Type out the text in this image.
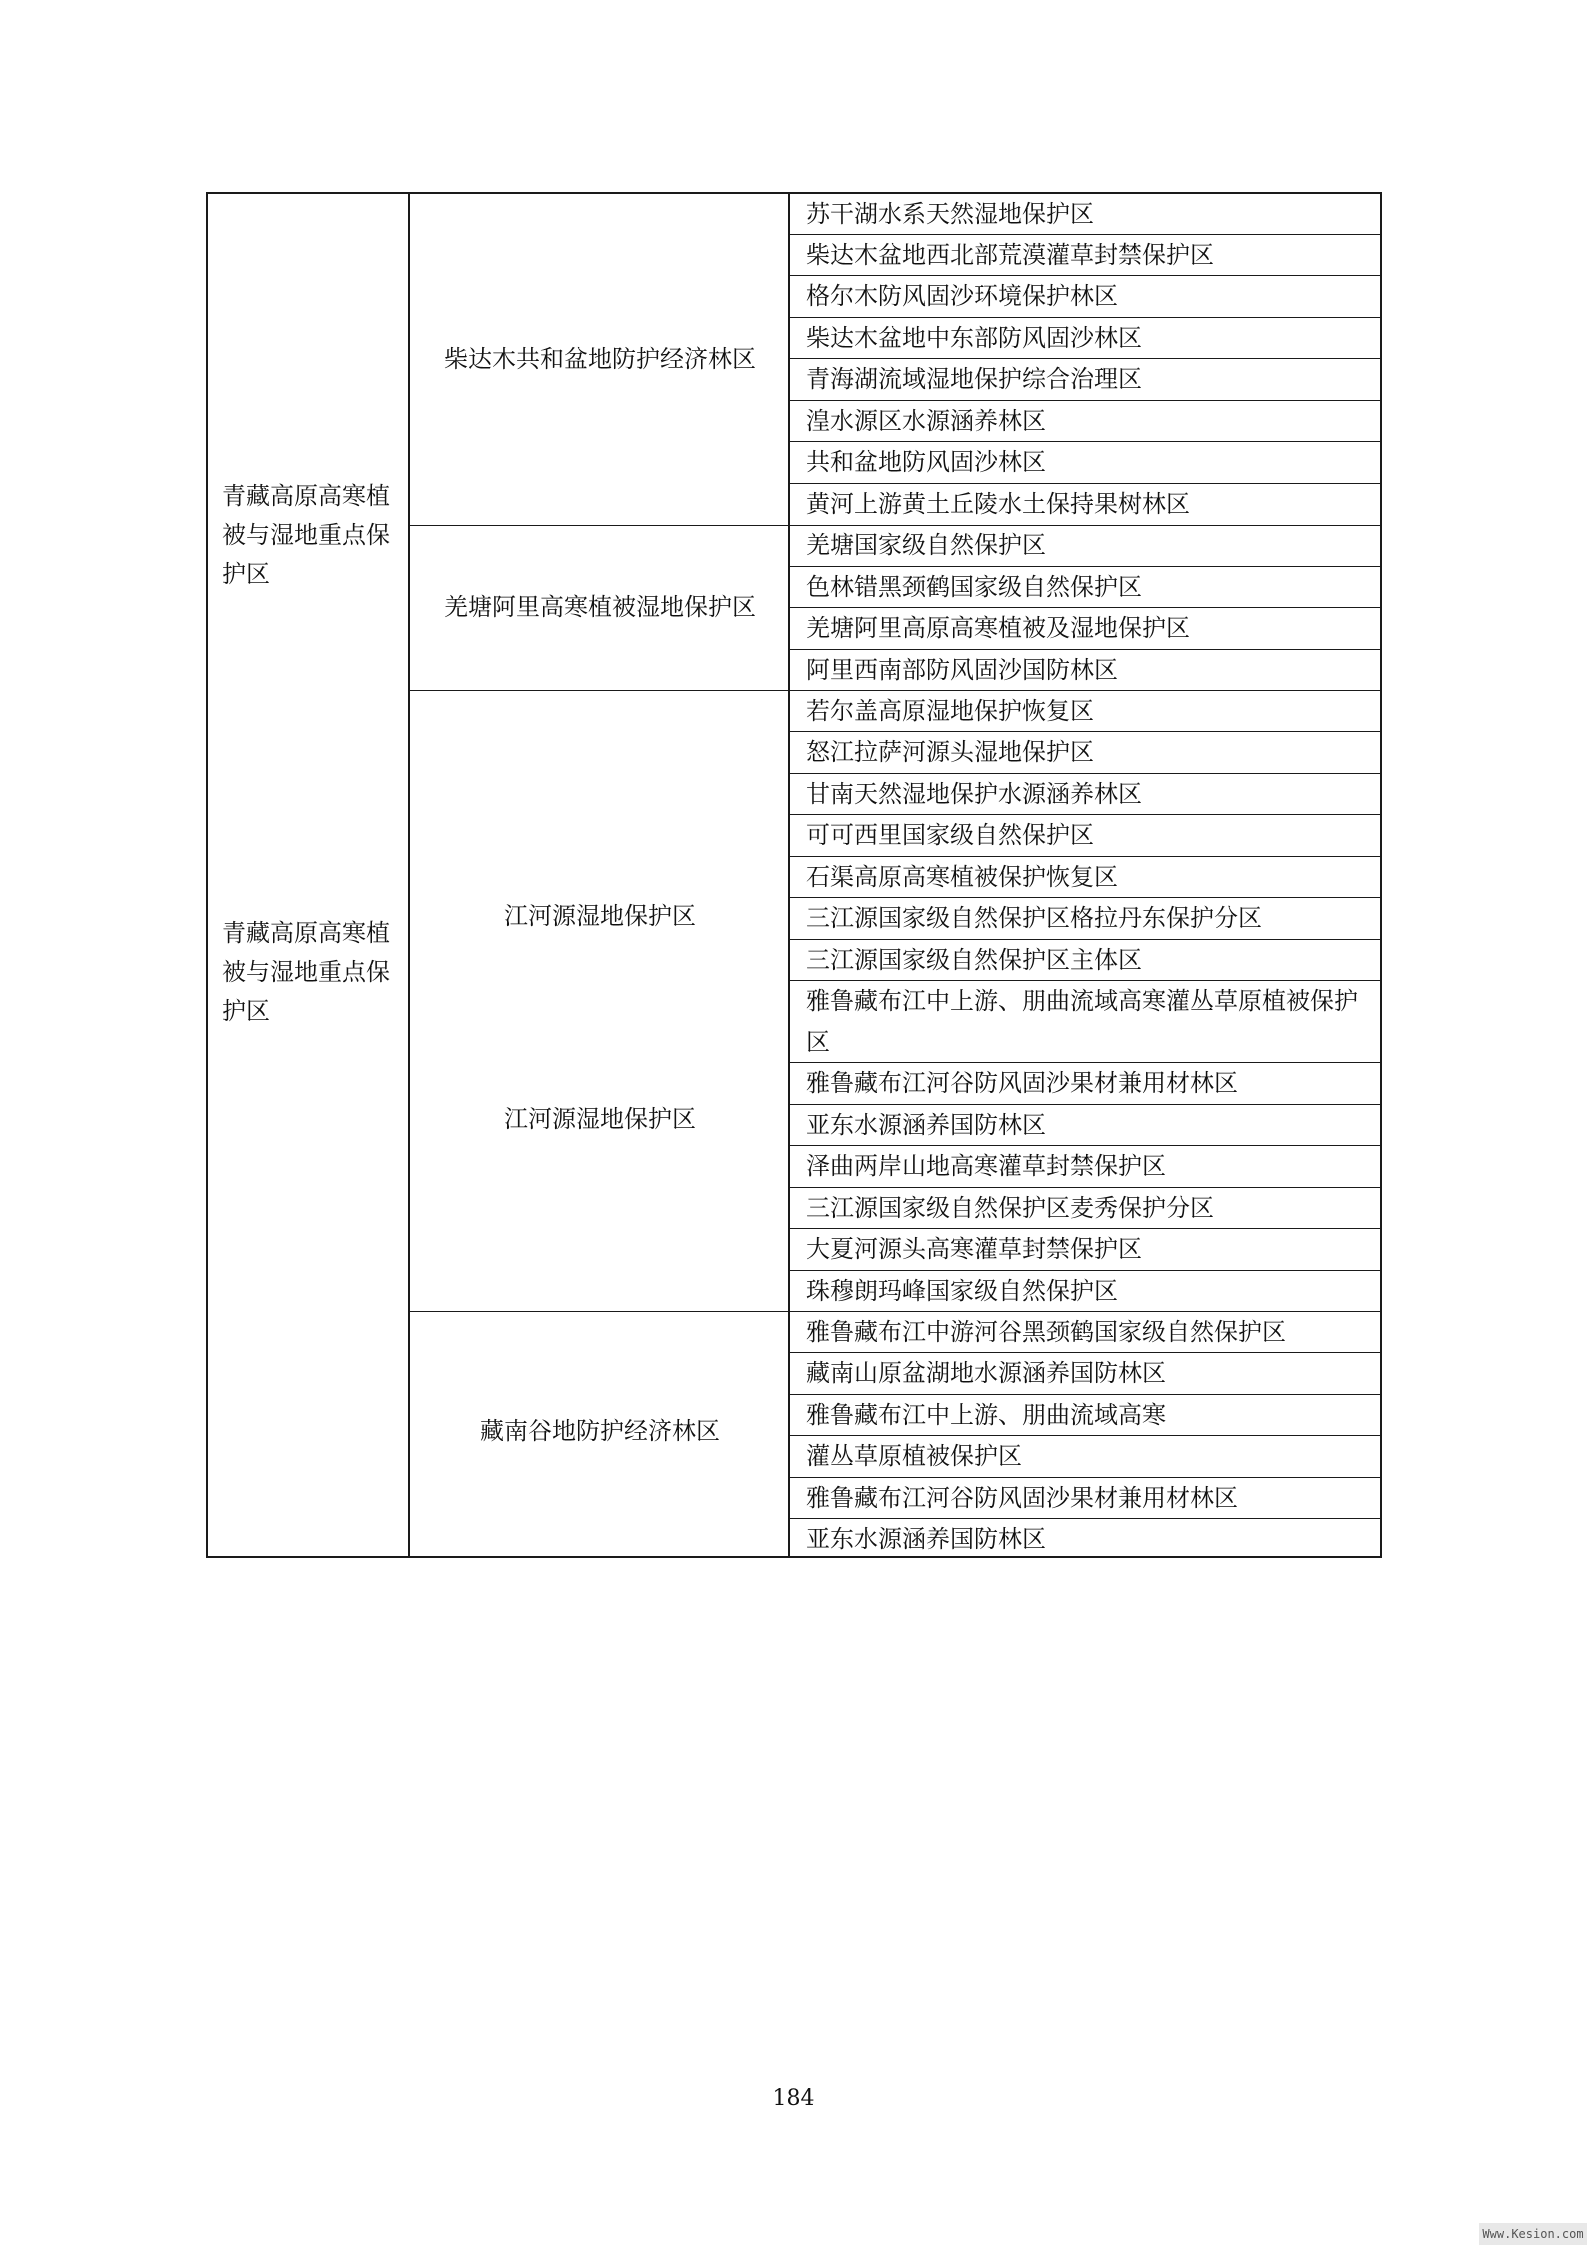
青藏高原高寒植被与湿地重点保护区
青藏高原高寒植被与湿地重点保护区
柴达木共和盆地防护经济林区
羌塘阿里高寒植被湿地保护区
江河源湿地保护区
江河源湿地保护区
藏南谷地防护经济林区
苏干湖水系天然湿地保护区
柴达木盆地西北部荒漠灌草封禁保护区
格尔木防风固沙环境保护林区
柴达木盆地中东部防风固沙林区
青海湖流域湿地保护综合治理区
湟水源区水源涵养林区
共和盆地防风固沙林区
黄河上游黄土丘陵水土保持果树林区
羌塘国家级自然保护区
色林错黑颈鹤国家级自然保护区
羌塘阿里高原高寒植被及湿地保护区
阿里西南部防风固沙国防林区
若尔盖高原湿地保护恢复区
怒江拉萨河源头湿地保护区
甘南天然湿地保护水源涵养林区
可可西里国家级自然保护区
石渠高原高寒植被保护恢复区
三江源国家级自然保护区格拉丹东保护分区
三江源国家级自然保护区主体区
雅鲁藏布江中上游、朋曲流域高寒灌丛草原植被保护区
雅鲁藏布江河谷防风固沙果材兼用材林区
亚东水源涵养国防林区
泽曲两岸山地高寒灌草封禁保护区
三江源国家级自然保护区麦秀保护分区
大夏河源头高寒灌草封禁保护区
珠穆朗玛峰国家级自然保护区
雅鲁藏布江中游河谷黑颈鹤国家级自然保护区
藏南山原盆湖地水源涵养国防林区
雅鲁藏布江中上游、朋曲流域高寒
灌丛草原植被保护区
雅鲁藏布江河谷防风固沙果材兼用材林区
亚东水源涵养国防林区
184
Www.Kesion.com
